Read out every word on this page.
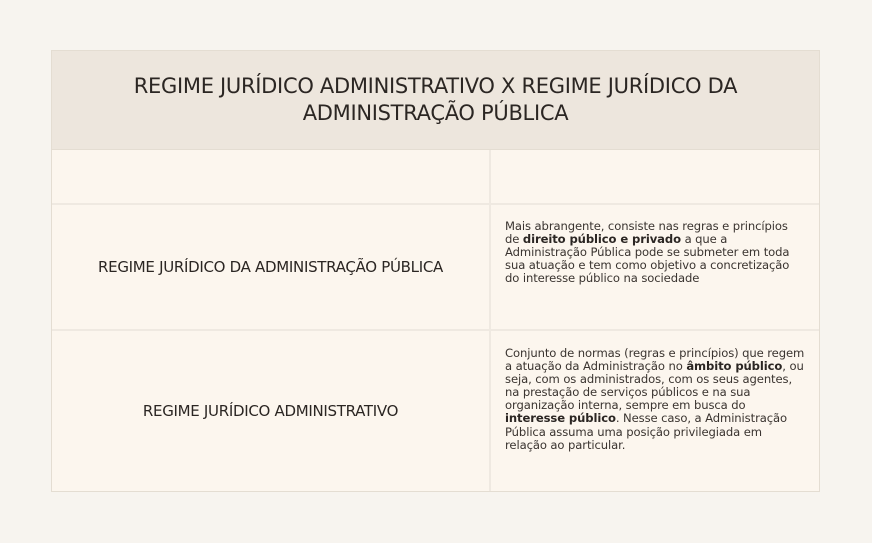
REGIME JURÍDICO ADMINISTRATIVO X REGIME JURÍDICO DA ADMINISTRAÇÃO PÚBLICA
REGIME JURÍDICO DA ADMINISTRAÇÃO PÚBLICA
Mais abrangente, consiste nas regras e princípios de direito público e privado a que a Administração Pública pode se submeter em toda sua atuação e tem como objetivo a concretização do interesse público na sociedade
REGIME JURÍDICO ADMINISTRATIVO
Conjunto de normas (regras e princípios) que regem a atuação da Administração no âmbito público, ou seja, com os administrados, com os seus agentes, na prestação de serviços públicos e na sua organização interna, sempre em busca do interesse público. Nesse caso, a Administração Pública assuma uma posição privilegiada em relação ao particular.
